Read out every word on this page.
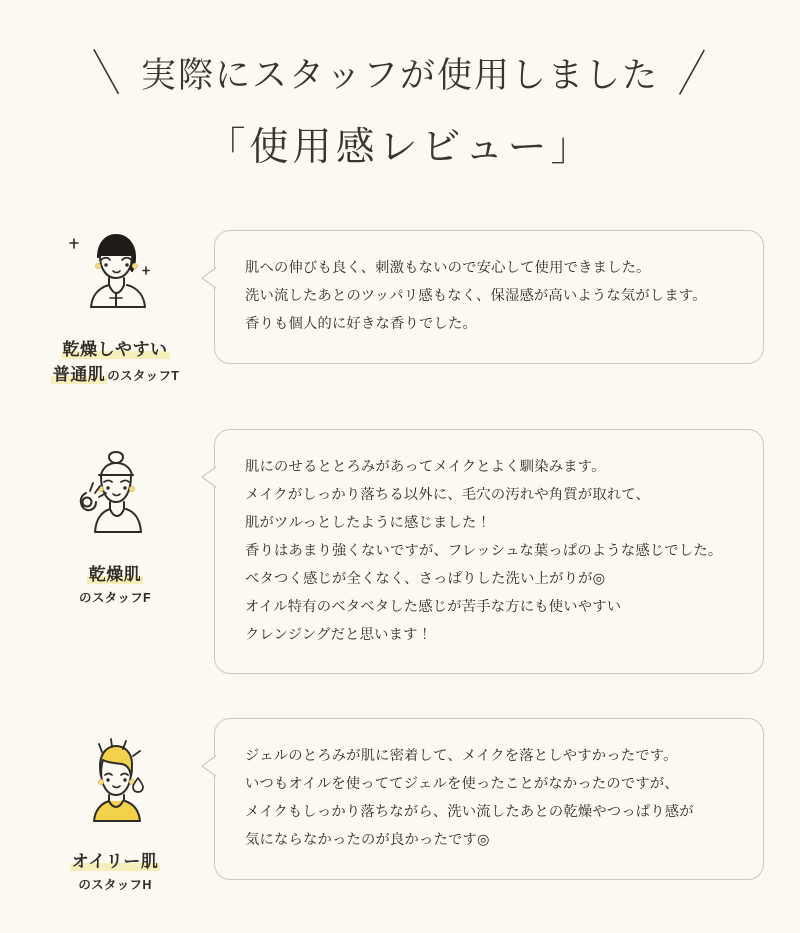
＼ 実際にスタッフが使用しました ／
「使用感レビュー」
乾燥しやすい
普通肌 のスタッフT

肌への伸びも良く、刺激もないので安心して使用できました。

洗い流したあとのツッパリ感もなく、保湿感が高いような気がします。

香りも個人的に好きな香りでした。

乾燥肌
のスタッフF

肌にのせるととろみがあってメイクとよく馴染みます。

メイクがしっかり落ちる以外に、毛穴の汚れや角質が取れて、

肌がツルっとしたように感じました！

香りはあまり強くないですが、フレッシュな葉っぱのような感じでした。

ベタつく感じが全くなく、さっぱりした洗い上がりが◎

オイル特有のベタベタした感じが苦手な方にも使いやすい

クレンジングだと思います！

オイリー肌
のスタッフH

ジェルのとろみが肌に密着して、メイクを落としやすかったです。

いつもオイルを使っててジェルを使ったことがなかったのですが、

メイクもしっかり落ちながら、洗い流したあとの乾燥やつっぱり感が

気にならなかったのが良かったです◎
